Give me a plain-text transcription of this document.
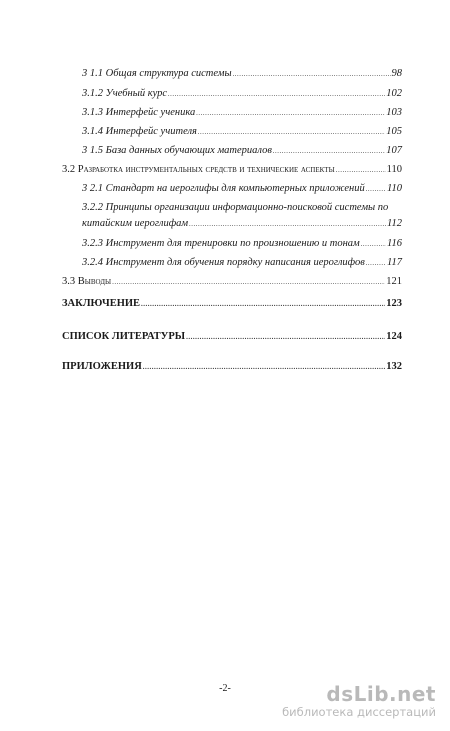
3 1.1 Общая структура системы .....	98
3.1.2 Учебный курс .....	102
3.1.3 Интерфейс ученика .....	103
3.1.4 Интерфейс учителя .....	105
3 1.5 База данных обучающих материалов .....	107
3.2 Разработка инструментальных средств и технические аспекты .....	110
3 2.1 Стандарт на иероглифы для компьютерных приложений ..... 110
3.2.2 Принципы организации информационно-поисковой системы по
китайским иероглифам .....	112
3.2.3 Инструмент для тренировки по произношению и тонам .....	116
3.2.4 Инструмент для обучения порядку написания иероглифов ..... 117
3.3 Выводы .....	121
ЗАКЛЮЧЕНИЕ .....	123
СПИСОК ЛИТЕРАТУРЫ .....	124
ПРИЛОЖЕНИЯ .....	132
-2-	dsLib.net
библиотека диссертаций
